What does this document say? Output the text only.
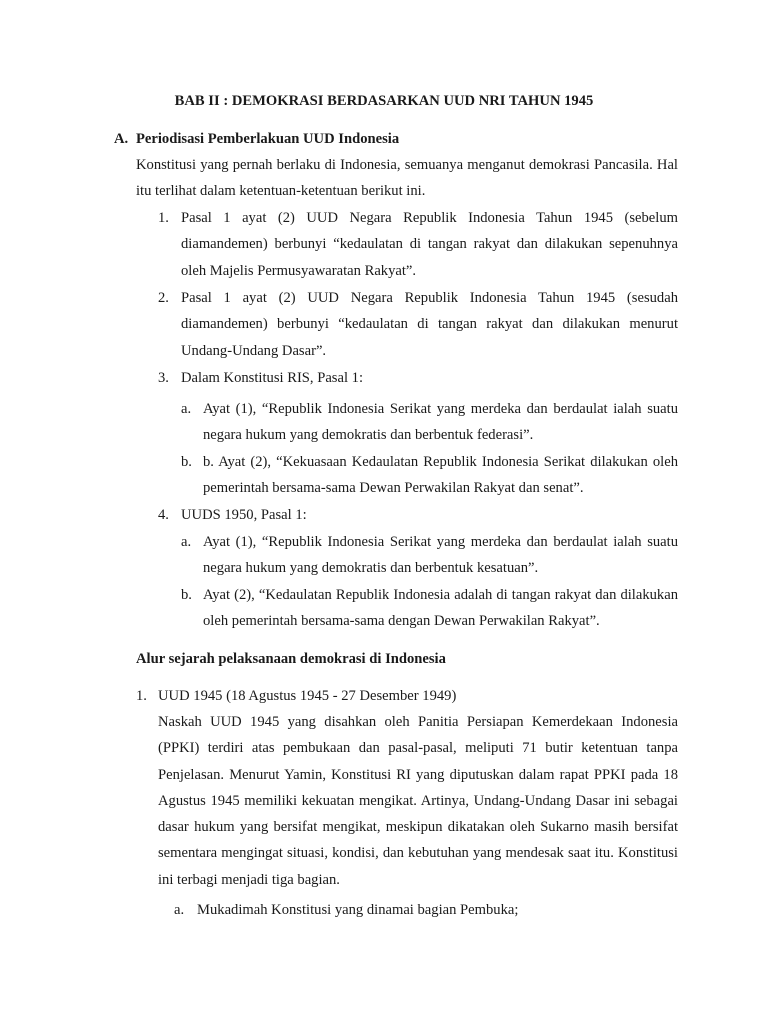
BAB II : DEMOKRASI BERDASARKAN UUD NRI TAHUN 1945
A. Periodisasi Pemberlakuan UUD Indonesia
Konstitusi yang pernah berlaku di Indonesia, semuanya menganut demokrasi Pancasila. Hal itu terlihat dalam ketentuan-ketentuan berikut ini.
1. Pasal 1 ayat (2) UUD Negara Republik Indonesia Tahun 1945 (sebelum diamandemen) berbunyi “kedaulatan di tangan rakyat dan dilakukan sepenuhnya oleh Majelis Permusyawaratan Rakyat”.
2. Pasal 1 ayat (2) UUD Negara Republik Indonesia Tahun 1945 (sesudah diamandemen) berbunyi “kedaulatan di tangan rakyat dan dilakukan menurut Undang-Undang Dasar”.
3. Dalam Konstitusi RIS, Pasal 1:
a. Ayat (1), “Republik Indonesia Serikat yang merdeka dan berdaulat ialah suatu negara hukum yang demokratis dan berbentuk federasi”.
b. b. Ayat (2), “Kekuasaan Kedaulatan Republik Indonesia Serikat dilakukan oleh pemerintah bersama-sama Dewan Perwakilan Rakyat dan senat”.
4. UUDS 1950, Pasal 1:
a. Ayat (1), “Republik Indonesia Serikat yang merdeka dan berdaulat ialah suatu negara hukum yang demokratis dan berbentuk kesatuan”.
b. Ayat (2), “Kedaulatan Republik Indonesia adalah di tangan rakyat dan dilakukan oleh pemerintah bersama-sama dengan Dewan Perwakilan Rakyat”.
Alur sejarah pelaksanaan demokrasi di Indonesia
1. UUD 1945 (18 Agustus 1945 - 27 Desember 1949)
Naskah UUD 1945 yang disahkan oleh Panitia Persiapan Kemerdekaan Indonesia (PPKI) terdiri atas pembukaan dan pasal-pasal, meliputi 71 butir ketentuan tanpa Penjelasan. Menurut Yamin, Konstitusi RI yang diputuskan dalam rapat PPKI pada 18 Agustus 1945 memiliki kekuatan mengikat. Artinya, Undang-Undang Dasar ini sebagai dasar hukum yang bersifat mengikat, meskipun dikatakan oleh Sukarno masih bersifat sementara mengingat situasi, kondisi, dan kebutuhan yang mendesak saat itu. Konstitusi ini terbagi menjadi tiga bagian.
a. Mukadimah Konstitusi yang dinamai bagian Pembuka;
